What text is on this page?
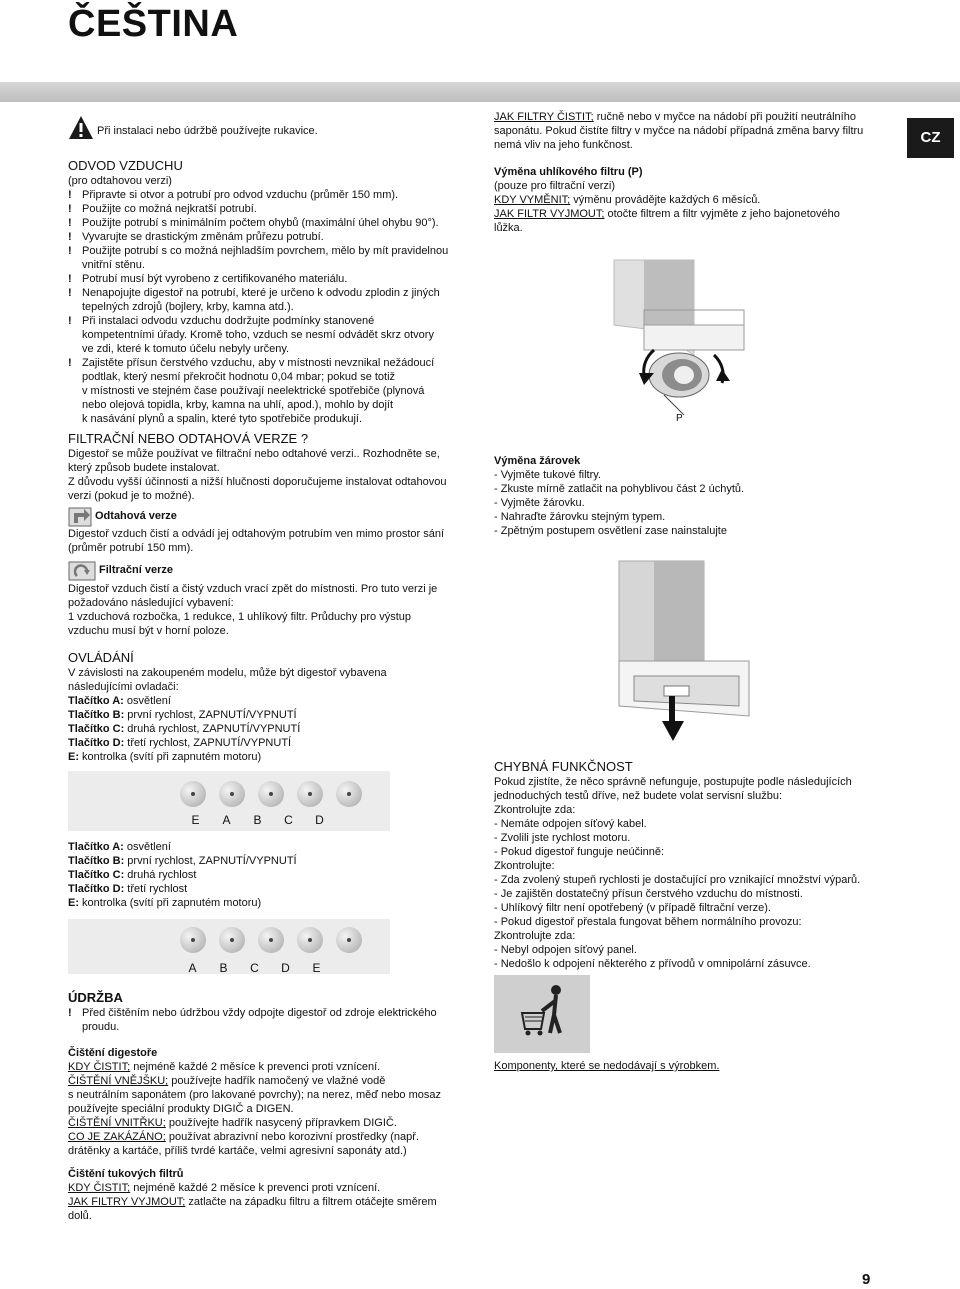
ČEŠTINA
CZ
Při instalaci nebo údržbě používejte rukavice.
ODVOD VZDUCHU
(pro odtahovou verzi)
! Připravte si otvor a potrubí pro odvod vzduchu (průměr 150 mm).
! Použijte co možná nejkratší potrubí.
! Použijte potrubí s minimálním počtem ohybů (maximální úhel ohybu 90°).
! Vyvarujte se drastickým změnám průřezu potrubí.
! Použijte potrubí s co možná nejhladším povrchem, mělo by mít pravidelnou
vnitřní stěnu.
! Potrubí musí být vyrobeno z certifikovaného materiálu.
! Nenapojujte digestoř na potrubí, které je určeno k odvodu zplodin z jiných
tepelných zdrojů (bojlery, krby, kamna atd.).
! Při instalaci odvodu vzduchu dodržujte podmínky stanovené
kompetentními úřady. Kromě toho, vzduch se nesmí odvádět skrz otvory
ve zdi, které k tomuto účelu nebyly určeny.
! Zajistěte přísun čerstvého vzduchu, aby v místnosti nevznikal nežádoucí
podtlak, který nesmí překročit hodnotu 0,04 mbar; pokud se totiž
v místnosti ve stejném čase používají neelektrické spotřebiče (plynová
nebo olejová topidla, krby, kamna na uhlí, apod.), mohlo by dojít
k nasávání plynů a spalin, které tyto spotřebiče produkují.
FILTRAČNÍ NEBO ODTAHOVÁ VERZE ?
Digestoř se může používat ve filtrační nebo odtahové verzi.. Rozhodněte se,
který způsob budete instalovat.
Z důvodu vyšší účinnosti a nižší hlučnosti doporučujeme instalovat odtahovou
verzi (pokud je to možné).
Odtahová verze
Digestoř vzduch čistí a odvádí jej odtahovým potrubím ven mimo prostor sání
(průměr potrubí 150 mm).
Filtrační verze
Digestoř vzduch čistí a čistý vzduch vrací zpět do místnosti. Pro tuto verzi je
požadováno následující vybavení:
1 vzduchová rozbočka, 1 redukce, 1 uhlíkový filtr. Průduchy pro výstup
vzduchu musí být v horní poloze.
OVLÁDÁNÍ
V závislosti na zakoupeném modelu, může být digestoř vybavena
následujícími ovladači:
Tlačítko A: osvětlení
Tlačítko B: první rychlost, ZAPNUTÍ/VYPNUTÍ
Tlačítko C: druhá rychlost, ZAPNUTÍ/VYPNUTÍ
Tlačítko D: třetí rychlost, ZAPNUTÍ/VYPNUTÍ
E: kontrolka (svítí při zapnutém motoru)
E	A	B	C	D
Tlačítko A: osvětlení
Tlačítko B: první rychlost, ZAPNUTÍ/VYPNUTÍ
Tlačítko C: druhá rychlost
Tlačítko D: třetí rychlost
E: kontrolka (svítí při zapnutém motoru)
A	B	C	D	E
ÚDRŽBA
! Před čištěním nebo údržbou vždy odpojte digestoř od zdroje elektrického
proudu.
Čištění digestoře
KDY ČISTIT; nejméně každé 2 měsíce k prevenci proti vznícení.
ČIŠTĚNÍ VNĚJŠKU; používejte hadřík namočený ve vlažné vodě
s neutrálním saponátem (pro lakované povrchy); na nerez, měď nebo mosaz
používejte speciální produkty DIGIČ a DIGEN.
ČIŠTĚNÍ VNITŘKU; používejte hadřík nasycený přípravkem DIGIČ.
CO JE ZAKÁZÁNO; používat abrazivní nebo korozivní prostředky (např.
drátěnky a kartáče, příliš tvrdé kartáče, velmi agresivní saponáty atd.)
Čištění tukových filtrů
KDY ČISTIT; nejméně každé 2 měsíce k prevenci proti vznícení.
JAK FILTRY VYJMOUT; zatlačte na západku filtru a filtrem otáčejte směrem
dolů.
JAK FILTRY ČISTIT; ručně nebo v myčce na nádobí při použití neutrálního
saponátu. Pokud čistíte filtry v myčce na nádobí případná změna barvy filtru
nemá vliv na jeho funkčnost.
Výměna uhlíkového filtru (P)
(pouze pro filtrační verzi)
KDY VYMĚNIT; výměnu provádějte každých 6 měsíců.
JAK FILTR VYJMOUT; otočte filtrem a filtr vyjměte z jeho bajonetového
lůžka.
P
Výměna žárovek
- Vyjměte tukové filtry.
- Zkuste mírně zatlačit na pohyblivou část 2 úchytů.
- Vyjměte žárovku.
- Nahraďte žárovku stejným typem.
- Zpětným postupem osvětlení zase nainstalujte
CHYBNÁ FUNKČNOST
Pokud zjistíte, že něco správně nefunguje, postupujte podle následujících
jednoduchých testů dříve, než budete volat servisní službu:
Zkontrolujte zda:
- Nemáte odpojen síťový kabel.
- Zvolili jste rychlost motoru.
- Pokud digestoř funguje neúčinně:
Zkontrolujte:
- Zda zvolený stupeň rychlosti je dostačující pro vznikající množství výparů.
- Je zajištěn dostatečný přísun čerstvého vzduchu do místnosti.
- Uhlíkový filtr není opotřebený (v případě filtrační verze).
- Pokud digestoř přestala fungovat během normálního provozu:
Zkontrolujte zda:
- Nebyl odpojen síťový panel.
- Nedošlo k odpojení některého z přívodů v omnipolární zásuvce.
Komponenty, které se nedodávají s výrobkem.
9
